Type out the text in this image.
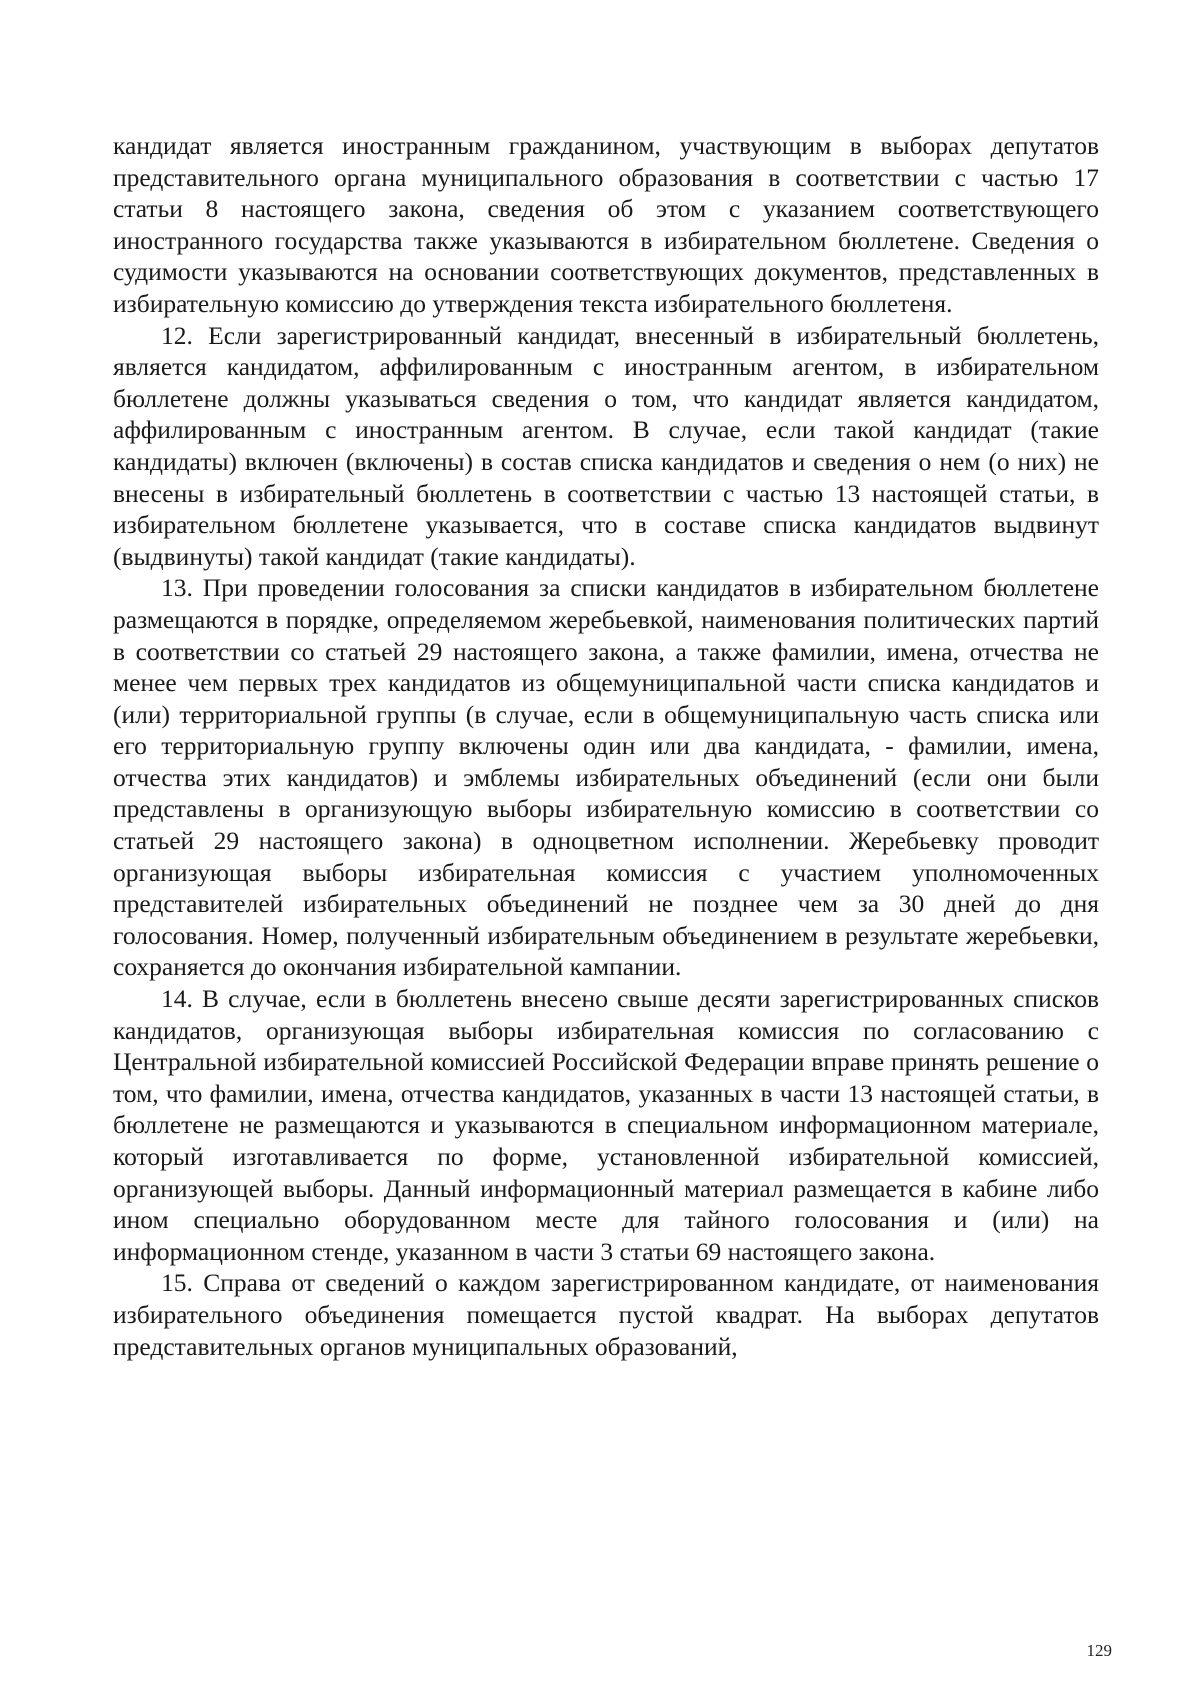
кандидат является иностранным гражданином, участвующим в выборах депутатов представительного органа муниципального образования в соответствии с частью 17 статьи 8 настоящего закона, сведения об этом с указанием соответствующего иностранного государства также указываются в избирательном бюллетене. Сведения о судимости указываются на основании соответствующих документов, представленных в избирательную комиссию до утверждения текста избирательного бюллетеня.

12. Если зарегистрированный кандидат, внесенный в избирательный бюллетень, является кандидатом, аффилированным с иностранным агентом, в избирательном бюллетене должны указываться сведения о том, что кандидат является кандидатом, аффилированным с иностранным агентом. В случае, если такой кандидат (такие кандидаты) включен (включены) в состав списка кандидатов и сведения о нем (о них) не внесены в избирательный бюллетень в соответствии с частью 13 настоящей статьи, в избирательном бюллетене указывается, что в составе списка кандидатов выдвинут (выдвинуты) такой кандидат (такие кандидаты).

13. При проведении голосования за списки кандидатов в избирательном бюллетене размещаются в порядке, определяемом жеребьевкой, наименования политических партий в соответствии со статьей 29 настоящего закона, а также фамилии, имена, отчества не менее чем первых трех кандидатов из общемуниципальной части списка кандидатов и (или) территориальной группы (в случае, если в общемуниципальную часть списка или его территориальную группу включены один или два кандидата, - фамилии, имена, отчества этих кандидатов) и эмблемы избирательных объединений (если они были представлены в организующую выборы избирательную комиссию в соответствии со статьей 29 настоящего закона) в одноцветном исполнении. Жеребьевку проводит организующая выборы избирательная комиссия с участием уполномоченных представителей избирательных объединений не позднее чем за 30 дней до дня голосования. Номер, полученный избирательным объединением в результате жеребьевки, сохраняется до окончания избирательной кампании.

14. В случае, если в бюллетень внесено свыше десяти зарегистрированных списков кандидатов, организующая выборы избирательная комиссия по согласованию с Центральной избирательной комиссией Российской Федерации вправе принять решение о том, что фамилии, имена, отчества кандидатов, указанных в части 13 настоящей статьи, в бюллетене не размещаются и указываются в специальном информационном материале, который изготавливается по форме, установленной избирательной комиссией, организующей выборы. Данный информационный материал размещается в кабине либо ином специально оборудованном месте для тайного голосования и (или) на информационном стенде, указанном в части 3 статьи 69 настоящего закона.

15. Справа от сведений о каждом зарегистрированном кандидате, от наименования избирательного объединения помещается пустой квадрат. На выборах депутатов представительных органов муниципальных образований,

129
